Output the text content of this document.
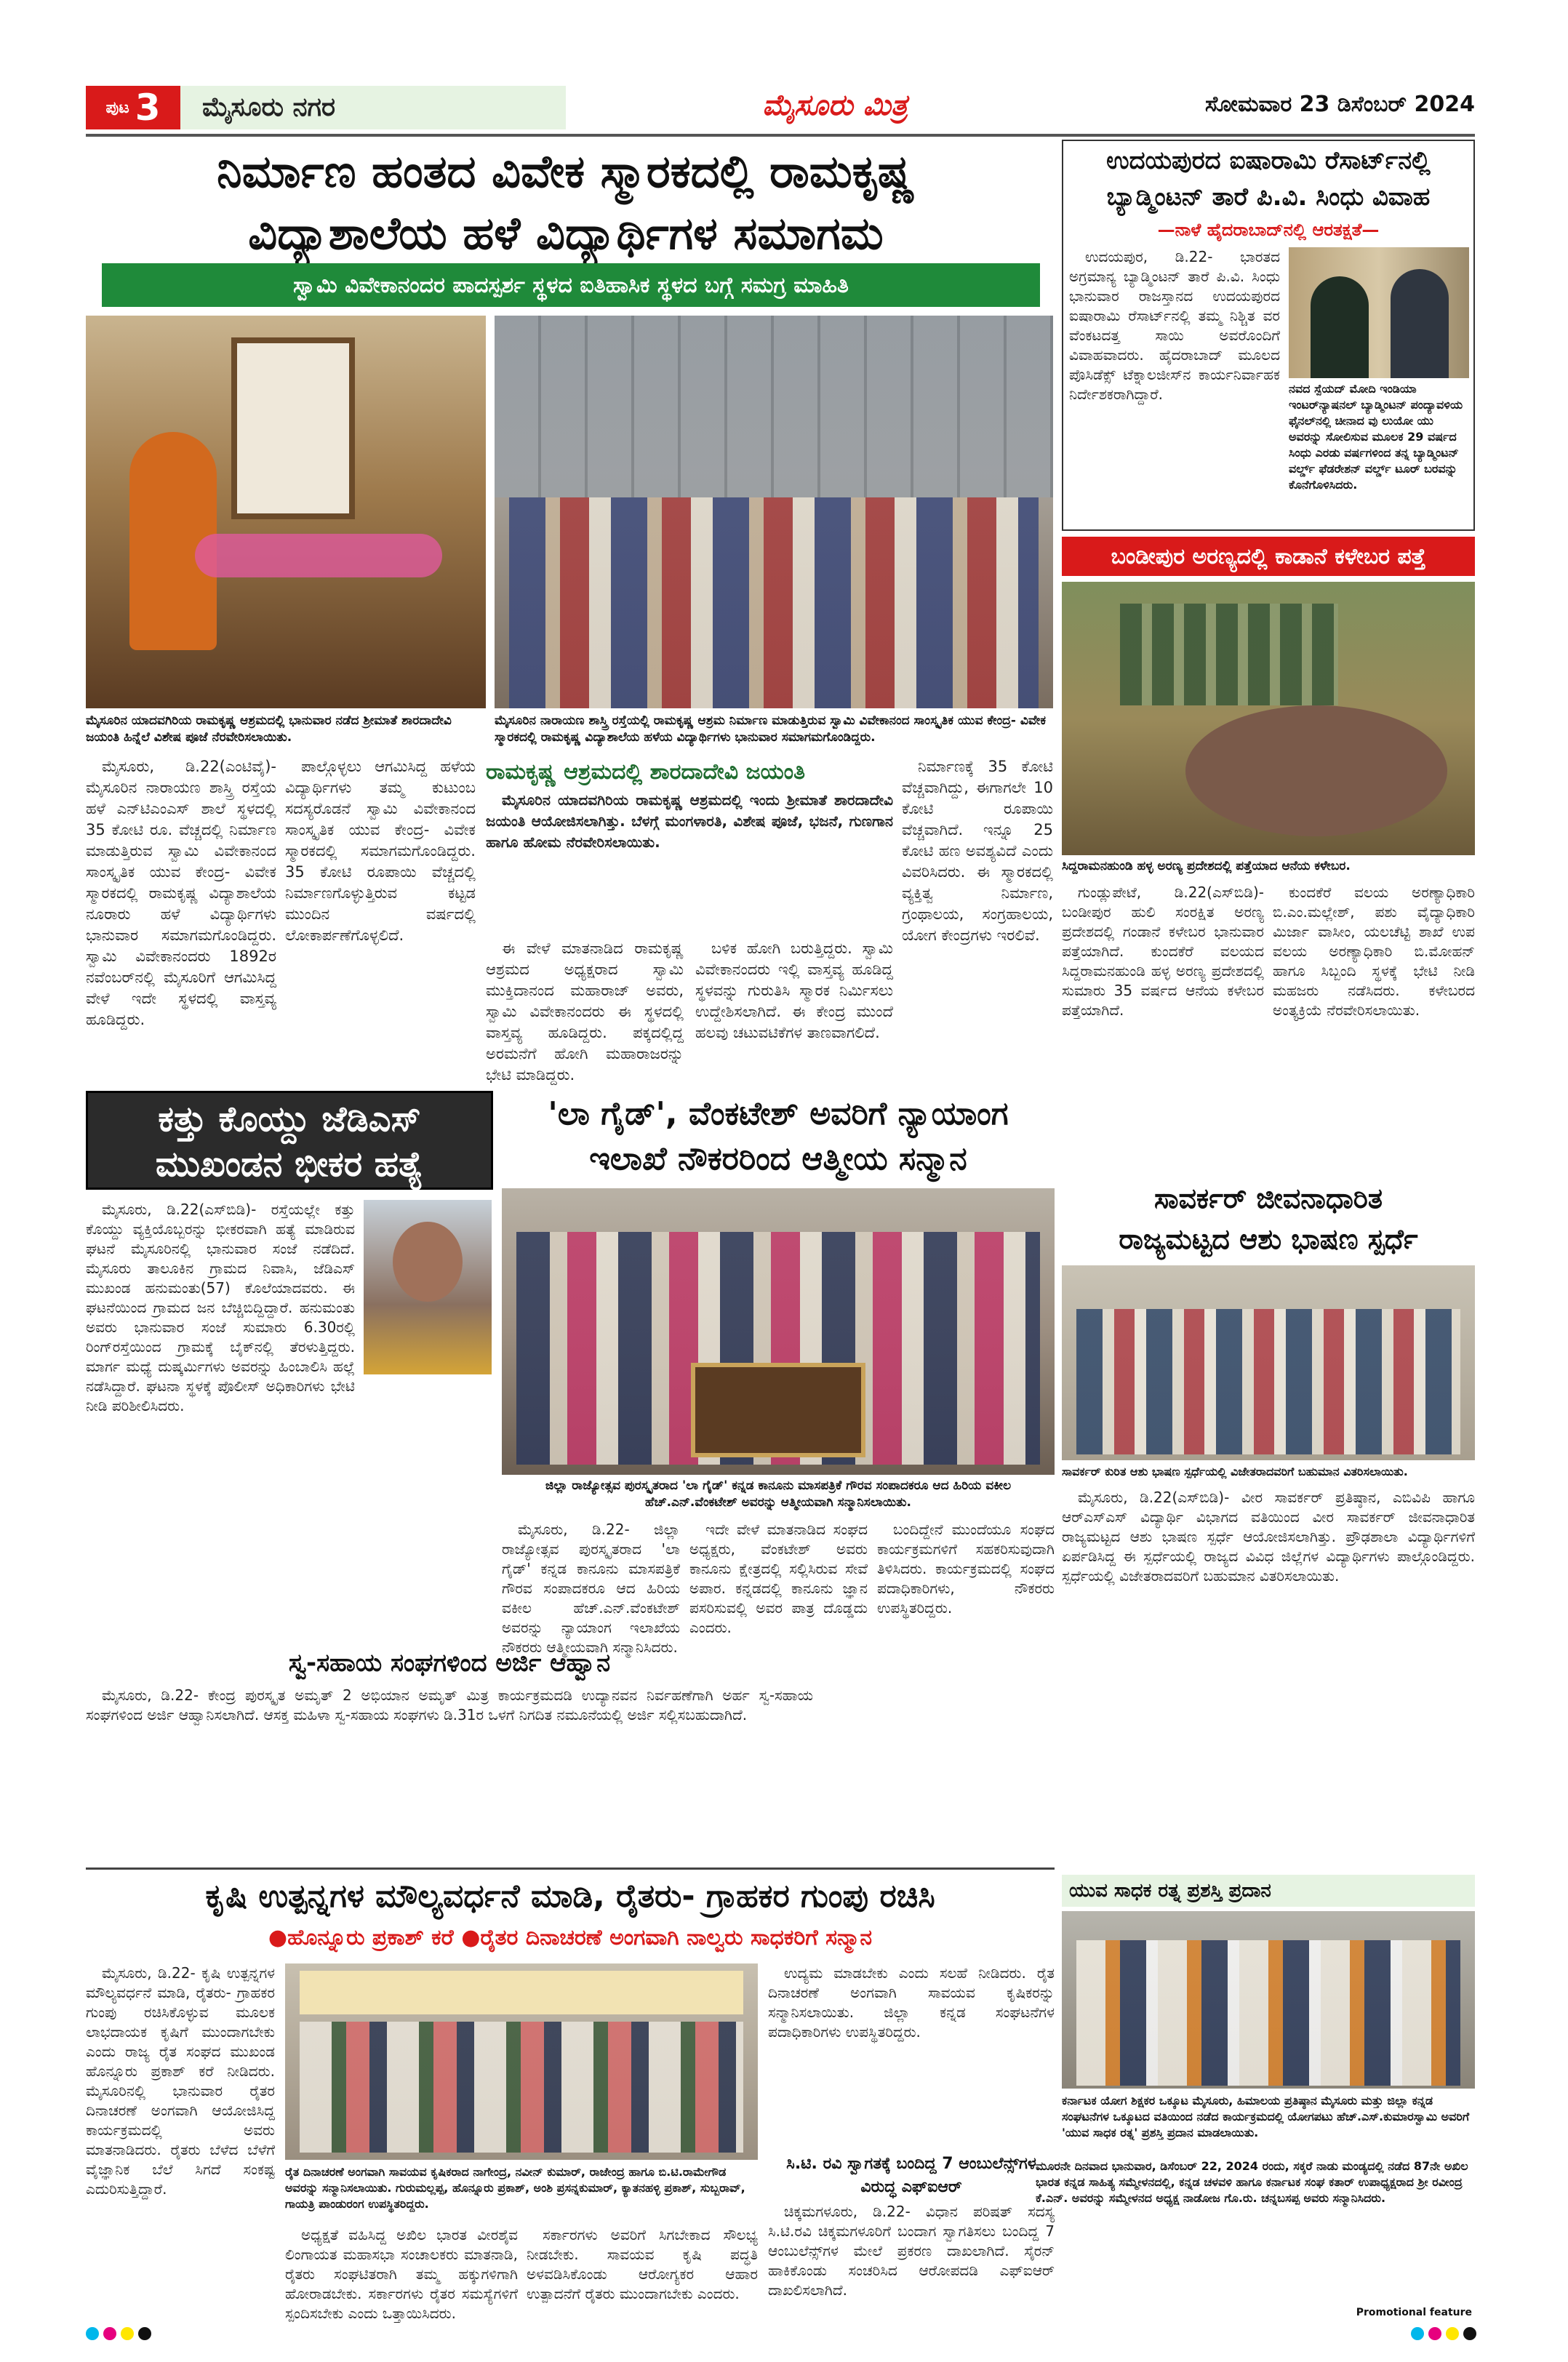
ಪುಟ 3	ಮೈಸೂರು ನಗರ	ಮೈಸೂರು ಮಿತ್ರ	ಸೋಮವಾರ 23 ಡಿಸೆಂಬರ್ 2024
ನಿರ್ಮಾಣ ಹಂತದ ವಿವೇಕ ಸ್ಮಾರಕದಲ್ಲಿ ರಾಮಕೃಷ್ಣ
ವಿದ್ಯಾಶಾಲೆಯ ಹಳೆ ವಿದ್ಯಾರ್ಥಿಗಳ ಸಮಾಗಮ
ಸ್ವಾಮಿ ವಿವೇಕಾನಂದರ ಪಾದಸ್ಪರ್ಶ ಸ್ಥಳದ ಐತಿಹಾಸಿಕ ಸ್ಥಳದ ಬಗ್ಗೆ ಸಮಗ್ರ ಮಾಹಿತಿ
ಮೈಸೂರಿನ ಯಾದವಗಿರಿಯ ರಾಮಕೃಷ್ಣ ಆಶ್ರಮದಲ್ಲಿ ಭಾನುವಾರ ನಡೆದ ಶ್ರೀಮಾತೆ ಶಾರದಾದೇವಿ ಜಯಂತಿ ಹಿನ್ನೆಲೆ ವಿಶೇಷ ಪೂಜೆ ನೆರವೇರಿಸಲಾಯಿತು.
ಮೈಸೂರಿನ ನಾರಾಯಣ ಶಾಸ್ತ್ರಿ ರಸ್ತೆಯಲ್ಲಿ ರಾಮಕೃಷ್ಣ ಆಶ್ರಮ ನಿರ್ಮಾಣ ಮಾಡುತ್ತಿರುವ ಸ್ವಾಮಿ ವಿವೇಕಾನಂದ ಸಾಂಸ್ಕೃತಿಕ ಯುವ ಕೇಂದ್ರ- ವಿವೇಕ ಸ್ಮಾರಕದಲ್ಲಿ ರಾಮಕೃಷ್ಣ ವಿದ್ಯಾಶಾಲೆಯ ಹಳೆಯ ವಿದ್ಯಾರ್ಥಿಗಳು ಭಾನುವಾರ ಸಮಾಗಮಗೊಂಡಿದ್ದರು.

ಮೈಸೂರು, ಡಿ.22(ಎಂಟಿವೈ)- ಮೈಸೂರಿನ ನಾರಾಯಣ ಶಾಸ್ತ್ರಿ ರಸ್ತೆಯ ಹಳೆ ಎನ್‌ಟಿಎಂಎಸ್ ಶಾಲೆ ಸ್ಥಳದಲ್ಲಿ 35 ಕೋಟಿ ರೂ. ವೆಚ್ಚದಲ್ಲಿ ನಿರ್ಮಾಣ ಮಾಡುತ್ತಿರುವ ಸ್ವಾಮಿ ವಿವೇಕಾನಂದ ಸಾಂಸ್ಕೃತಿಕ ಯುವ ಕೇಂದ್ರ- ವಿವೇಕ ಸ್ಮಾರಕದಲ್ಲಿ ರಾಮಕೃಷ್ಣ ವಿದ್ಯಾಶಾಲೆಯ ನೂರಾರು ಹಳೆ ವಿದ್ಯಾರ್ಥಿಗಳು ಭಾನುವಾರ ಸಮಾಗಮಗೊಂಡಿದ್ದರು. ಸ್ವಾಮಿ ವಿವೇಕಾನಂದರು 1892ರ ನವೆಂಬರ್‌ನಲ್ಲಿ ಮೈಸೂರಿಗೆ ಆಗಮಿಸಿದ್ದ ವೇಳೆ ಇದೇ ಸ್ಥಳದಲ್ಲಿ ವಾಸ್ತವ್ಯ ಹೂಡಿದ್ದರು.

ಪಾಲ್ಗೊಳ್ಳಲು ಆಗಮಿಸಿದ್ದ ಹಳೆಯ ವಿದ್ಯಾರ್ಥಿಗಳು ತಮ್ಮ ಕುಟುಂಬ ಸದಸ್ಯರೊಡನೆ ಸ್ವಾಮಿ ವಿವೇಕಾನಂದ ಸಾಂಸ್ಕೃತಿಕ ಯುವ ಕೇಂದ್ರ- ವಿವೇಕ ಸ್ಮಾರಕದಲ್ಲಿ ಸಮಾಗಮಗೊಂಡಿದ್ದರು. 35 ಕೋಟಿ ರೂಪಾಯಿ ವೆಚ್ಚದಲ್ಲಿ ನಿರ್ಮಾಣಗೊಳ್ಳುತ್ತಿರುವ ಕಟ್ಟಡ ಮುಂದಿನ ವರ್ಷದಲ್ಲಿ ಲೋಕಾರ್ಪಣೆಗೊಳ್ಳಲಿದೆ.

ರಾಮಕೃಷ್ಣ ಆಶ್ರಮದಲ್ಲಿ ಶಾರದಾದೇವಿ ಜಯಂತಿ

ಮೈಸೂರಿನ ಯಾದವಗಿರಿಯ ರಾಮಕೃಷ್ಣ ಆಶ್ರಮದಲ್ಲಿ ಇಂದು ಶ್ರೀಮಾತೆ ಶಾರದಾದೇವಿ ಜಯಂತಿ ಆಯೋಜಿಸಲಾಗಿತ್ತು. ಬೆಳಗ್ಗೆ ಮಂಗಳಾರತಿ, ವಿಶೇಷ ಪೂಜೆ, ಭಜನೆ, ಗುಣಗಾನ ಹಾಗೂ ಹೋಮ ನೆರವೇರಿಸಲಾಯಿತು.

ಈ ವೇಳೆ ಮಾತನಾಡಿದ ರಾಮಕೃಷ್ಣ ಆಶ್ರಮದ ಅಧ್ಯಕ್ಷರಾದ ಸ್ವಾಮಿ ಮುಕ್ತಿದಾನಂದ ಮಹಾರಾಜ್ ಅವರು, ಸ್ವಾಮಿ ವಿವೇಕಾನಂದರು ಈ ಸ್ಥಳದಲ್ಲಿ ವಾಸ್ತವ್ಯ ಹೂಡಿದ್ದರು. ಪಕ್ಕದಲ್ಲಿದ್ದ ಅರಮನೆಗೆ ಹೋಗಿ ಮಹಾರಾಜರನ್ನು ಭೇಟಿ ಮಾಡಿದ್ದರು.

ಬಳಿಕ ಹೋಗಿ ಬರುತ್ತಿದ್ದರು. ಸ್ವಾಮಿ ವಿವೇಕಾನಂದರು ಇಲ್ಲಿ ವಾಸ್ತವ್ಯ ಹೂಡಿದ್ದ ಸ್ಥಳವನ್ನು ಗುರುತಿಸಿ ಸ್ಮಾರಕ ನಿರ್ಮಿಸಲು ಉದ್ದೇಶಿಸಲಾಗಿದೆ. ಈ ಕೇಂದ್ರ ಮುಂದೆ ಹಲವು ಚಟುವಟಿಕೆಗಳ ತಾಣವಾಗಲಿದೆ.

ನಿರ್ಮಾಣಕ್ಕೆ 35 ಕೋಟಿ ವೆಚ್ಚವಾಗಿದ್ದು, ಈಗಾಗಲೇ 10 ಕೋಟಿ ರೂಪಾಯಿ ವೆಚ್ಚವಾಗಿದೆ. ಇನ್ನೂ 25 ಕೋಟಿ ಹಣ ಅವಶ್ಯವಿದೆ ಎಂದು ವಿವರಿಸಿದರು. ಈ ಸ್ಮಾರಕದಲ್ಲಿ ವ್ಯಕ್ತಿತ್ವ ನಿರ್ಮಾಣ, ಗ್ರಂಥಾಲಯ, ಸಂಗ್ರಹಾಲಯ, ಯೋಗ ಕೇಂದ್ರಗಳು ಇರಲಿವೆ.

ಉದಯಪುರದ ಐಷಾರಾಮಿ ರೆಸಾರ್ಟ್‌ನಲ್ಲಿ
ಬ್ಯಾಡ್ಮಿಂಟನ್ ತಾರೆ ಪಿ.ವಿ. ಸಿಂಧು ವಿವಾಹ
—ನಾಳೆ ಹೈದರಾಬಾದ್‌ನಲ್ಲಿ ಆರತಕ್ಷತೆ—

ಉದಯಪುರ, ಡಿ.22- ಭಾರತದ ಅಗ್ರಮಾನ್ಯ ಬ್ಯಾಡ್ಮಿಂಟನ್ ತಾರೆ ಪಿ.ವಿ. ಸಿಂಧು ಭಾನುವಾರ ರಾಜಸ್ತಾನದ ಉದಯಪುರದ ಐಷಾರಾಮಿ ರೆಸಾರ್ಟ್‌ನಲ್ಲಿ ತಮ್ಮ ನಿಶ್ಚಿತ ವರ ವೆಂಕಟದತ್ತ ಸಾಯಿ ಅವರೊಂದಿಗೆ ವಿವಾಹವಾದರು. ಹೈದರಾಬಾದ್ ಮೂಲದ ಪೊಸಿಡೆಕ್ಸ್ ಟೆಕ್ನಾಲಜೀಸ್‌ನ ಕಾರ್ಯನಿರ್ವಾಹಕ ನಿರ್ದೇಶಕರಾಗಿದ್ದಾರೆ.	ನವದ ಸ್ಪೆಯದ್ ಮೋದಿ ಇಂಡಿಯಾ ಇಂಟರ್‌ನ್ಯಾಷನಲ್ ಬ್ಯಾಡ್ಮಿಂಟನ್ ಪಂದ್ಯಾವಳಿಯ ಫೈನಲ್‌ನಲ್ಲಿ ಚೀನಾದ ವು ಲುಯೋ ಯು ಅವರನ್ನು ಸೋಲಿಸುವ ಮೂಲಕ 29 ವರ್ಷದ ಸಿಂಧು ಎರಡು ವರ್ಷಗಳಿಂದ ತನ್ನ ಬ್ಯಾಡ್ಮಿಂಟನ್ ವರ್ಲ್ಡ್ ಫೆಡರೇಶನ್ ವರ್ಲ್ಡ್ ಟೂರ್ ಬರವನ್ನು ಕೊನೆಗೊಳಿಸಿದರು.
ಬಂಡೀಪುರ ಅರಣ್ಯದಲ್ಲಿ ಕಾಡಾನೆ ಕಳೇಬರ ಪತ್ತೆ
ಸಿದ್ದರಾಮನಹುಂಡಿ ಹಳ್ಳ ಅರಣ್ಯ ಪ್ರದೇಶದಲ್ಲಿ ಪತ್ತೆಯಾದ ಆನೆಯ ಕಳೇಬರ.

ಗುಂಡ್ಲುಪೇಟೆ, ಡಿ.22(ಎಸ್‌ಬಿಡಿ)- ಬಂಡೀಪುರ ಹುಲಿ ಸಂರಕ್ಷಿತ ಅರಣ್ಯ ಪ್ರದೇಶದಲ್ಲಿ ಗಂಡಾನೆ ಕಳೇಬರ ಭಾನುವಾರ ಪತ್ತೆಯಾಗಿದೆ. ಕುಂದಕೆರೆ ವಲಯದ ಸಿದ್ದರಾಮನಹುಂಡಿ ಹಳ್ಳ ಅರಣ್ಯ ಪ್ರದೇಶದಲ್ಲಿ ಸುಮಾರು 35 ವರ್ಷದ ಆನೆಯ ಕಳೇಬರ ಪತ್ತೆಯಾಗಿದೆ.

ಕುಂದಕೆರೆ ವಲಯ ಅರಣ್ಯಾಧಿಕಾರಿ ಬಿ.ಎಂ.ಮಲ್ಲೇಶ್, ಪಶು ವೈದ್ಯಾಧಿಕಾರಿ ಮಿರ್ಜಾ ವಾಸೀಂ, ಯಲಚೆಟ್ಟಿ ಶಾಖೆ ಉಪ ವಲಯ ಅರಣ್ಯಾಧಿಕಾರಿ ಬಿ.ಮೋಹನ್ ಹಾಗೂ ಸಿಬ್ಬಂದಿ ಸ್ಥಳಕ್ಕೆ ಭೇಟಿ ನೀಡಿ ಮಹಜರು ನಡೆಸಿದರು. ಕಳೇಬರದ ಅಂತ್ಯಕ್ರಿಯೆ ನೆರವೇರಿಸಲಾಯಿತು.

ಕತ್ತು ಕೊಯ್ದು ಜೆಡಿಎಸ್
ಮುಖಂಡನ ಭೀಕರ ಹತ್ಯೆ

ಮೈಸೂರು, ಡಿ.22(ಎಸ್‌ಬಿಡಿ)- ರಸ್ತೆಯಲ್ಲೇ ಕತ್ತು ಕೊಯ್ದು ವ್ಯಕ್ತಿಯೊಬ್ಬರನ್ನು ಭೀಕರವಾಗಿ ಹತ್ಯೆ ಮಾಡಿರುವ ಘಟನೆ ಮೈಸೂರಿನಲ್ಲಿ ಭಾನುವಾರ ಸಂಜೆ ನಡೆದಿದೆ. ಮೈಸೂರು ತಾಲೂಕಿನ ಗ್ರಾಮದ ನಿವಾಸಿ, ಜೆಡಿಎಸ್ ಮುಖಂಡ ಹನುಮಂತು(57) ಕೊಲೆಯಾದವರು. ಈ ಘಟನೆಯಿಂದ ಗ್ರಾಮದ ಜನ ಬೆಚ್ಚಿಬಿದ್ದಿದ್ದಾರೆ. ಹನುಮಂತು ಅವರು ಭಾನುವಾರ ಸಂಜೆ ಸುಮಾರು 6.30ರಲ್ಲಿ ರಿಂಗ್‌ರಸ್ತೆಯಿಂದ ಗ್ರಾಮಕ್ಕೆ ಬೈಕ್‌ನಲ್ಲಿ ತೆರಳುತ್ತಿದ್ದರು. ಮಾರ್ಗ ಮಧ್ಯೆ ದುಷ್ಕರ್ಮಿಗಳು ಅವರನ್ನು ಹಿಂಬಾಲಿಸಿ ಹಲ್ಲೆ ನಡೆಸಿದ್ದಾರೆ. ಘಟನಾ ಸ್ಥಳಕ್ಕೆ ಪೊಲೀಸ್ ಅಧಿಕಾರಿಗಳು ಭೇಟಿ ನೀಡಿ ಪರಿಶೀಲಿಸಿದರು.

ಸ್ವ-ಸಹಾಯ ಸಂಘಗಳಿಂದ ಅರ್ಜಿ ಆಹ್ವಾನ

ಮೈಸೂರು, ಡಿ.22- ಕೇಂದ್ರ ಪುರಸ್ಕೃತ ಅಮೃತ್ 2 ಅಭಿಯಾನ ಅಮೃತ್ ಮಿತ್ರ ಕಾರ್ಯಕ್ರಮದಡಿ ಉದ್ಯಾನವನ ನಿರ್ವಹಣೆಗಾಗಿ ಅರ್ಹ ಸ್ವ-ಸಹಾಯ ಸಂಘಗಳಿಂದ ಅರ್ಜಿ ಆಹ್ವಾನಿಸಲಾಗಿದೆ. ಆಸಕ್ತ ಮಹಿಳಾ ಸ್ವ-ಸಹಾಯ ಸಂಘಗಳು ಡಿ.31ರ ಒಳಗೆ ನಿಗದಿತ ನಮೂನೆಯಲ್ಲಿ ಅರ್ಜಿ ಸಲ್ಲಿಸಬಹುದಾಗಿದೆ.

'ಲಾ ಗೈಡ್', ವೆಂಕಟೇಶ್ ಅವರಿಗೆ ನ್ಯಾಯಾಂಗ
ಇಲಾಖೆ ನೌಕರರಿಂದ ಆತ್ಮೀಯ ಸನ್ಮಾನ
ಜಿಲ್ಲಾ ರಾಜ್ಯೋತ್ಸವ ಪುರಸ್ಕೃತರಾದ 'ಲಾ ಗೈಡ್' ಕನ್ನಡ ಕಾನೂನು ಮಾಸಪತ್ರಿಕೆ ಗೌರವ ಸಂಪಾದಕರೂ ಆದ ಹಿರಿಯ ವಕೀಲ ಹೆಚ್.ಎನ್.ವೆಂಕಟೇಶ್ ಅವರನ್ನು ಆತ್ಮೀಯವಾಗಿ ಸನ್ಮಾನಿಸಲಾಯಿತು.

ಮೈಸೂರು, ಡಿ.22- ಜಿಲ್ಲಾ ರಾಜ್ಯೋತ್ಸವ ಪುರಸ್ಕೃತರಾದ 'ಲಾ ಗೈಡ್' ಕನ್ನಡ ಕಾನೂನು ಮಾಸಪತ್ರಿಕೆ ಗೌರವ ಸಂಪಾದಕರೂ ಆದ ಹಿರಿಯ ವಕೀಲ ಹೆಚ್.ಎನ್.ವೆಂಕಟೇಶ್ ಅವರನ್ನು ನ್ಯಾಯಾಂಗ ಇಲಾಖೆಯ ನೌಕರರು ಆತ್ಮೀಯವಾಗಿ ಸನ್ಮಾನಿಸಿದರು.

ಇದೇ ವೇಳೆ ಮಾತನಾಡಿದ ಸಂಘದ ಅಧ್ಯಕ್ಷರು, ವೆಂಕಟೇಶ್ ಅವರು ಕಾನೂನು ಕ್ಷೇತ್ರದಲ್ಲಿ ಸಲ್ಲಿಸಿರುವ ಸೇವೆ ಅಪಾರ. ಕನ್ನಡದಲ್ಲಿ ಕಾನೂನು ಜ್ಞಾನ ಪಸರಿಸುವಲ್ಲಿ ಅವರ ಪಾತ್ರ ದೊಡ್ಡದು ಎಂದರು.

ಬಂದಿದ್ದೇನೆ ಮುಂದೆಯೂ ಸಂಘದ ಕಾರ್ಯಕ್ರಮಗಳಿಗೆ ಸಹಕರಿಸುವುದಾಗಿ ತಿಳಿಸಿದರು. ಕಾರ್ಯಕ್ರಮದಲ್ಲಿ ಸಂಘದ ಪದಾಧಿಕಾರಿಗಳು, ನೌಕರರು ಉಪಸ್ಥಿತರಿದ್ದರು.

ಸಾವರ್ಕರ್ ಜೀವನಾಧಾರಿತ
ರಾಜ್ಯಮಟ್ಟದ ಆಶು ಭಾಷಣ ಸ್ಪರ್ಧೆ
ಸಾವರ್ಕರ್ ಕುರಿತ ಆಶು ಭಾಷಣ ಸ್ಪರ್ಧೆಯಲ್ಲಿ ವಿಜೇತರಾದವರಿಗೆ ಬಹುಮಾನ ವಿತರಿಸಲಾಯಿತು.

ಮೈಸೂರು, ಡಿ.22(ಎಸ್‌ಬಿಡಿ)- ವೀರ ಸಾವರ್ಕರ್ ಪ್ರತಿಷ್ಠಾನ, ಎಬಿವಿಪಿ ಹಾಗೂ ಆರ್‌ಎಸ್‌ಎಸ್ ವಿದ್ಯಾರ್ಥಿ ವಿಭಾಗದ ವತಿಯಿಂದ ವೀರ ಸಾವರ್ಕರ್ ಜೀವನಾಧಾರಿತ ರಾಜ್ಯಮಟ್ಟದ ಆಶು ಭಾಷಣ ಸ್ಪರ್ಧೆ ಆಯೋಜಿಸಲಾಗಿತ್ತು. ಪ್ರೌಢಶಾಲಾ ವಿದ್ಯಾರ್ಥಿಗಳಿಗೆ ಏರ್ಪಡಿಸಿದ್ದ ಈ ಸ್ಪರ್ಧೆಯಲ್ಲಿ ರಾಜ್ಯದ ವಿವಿಧ ಜಿಲ್ಲೆಗಳ ವಿದ್ಯಾರ್ಥಿಗಳು ಪಾಲ್ಗೊಂಡಿದ್ದರು. ಸ್ಪರ್ಧೆಯಲ್ಲಿ ವಿಜೇತರಾದವರಿಗೆ ಬಹುಮಾನ ವಿತರಿಸಲಾಯಿತು.

ಯುವ ಸಾಧಕ ರತ್ನ ಪ್ರಶಸ್ತಿ ಪ್ರದಾನ
ಕರ್ನಾಟಕ ಯೋಗ ಶಿಕ್ಷಕರ ಒಕ್ಕೂಟ ಮೈಸೂರು, ಹಿಮಾಲಯ ಪ್ರತಿಷ್ಠಾನ ಮೈಸೂರು ಮತ್ತು ಜಿಲ್ಲಾ ಕನ್ನಡ ಸಂಘಟನೆಗಳ ಒಕ್ಕೂಟದ ವತಿಯಿಂದ ನಡೆದ ಕಾರ್ಯಕ್ರಮದಲ್ಲಿ ಯೋಗಪಟು ಹೆಚ್.ಎಸ್.ಕುಮಾರಸ್ವಾಮಿ ಅವರಿಗೆ 'ಯುವ ಸಾಧಕ ರತ್ನ' ಪ್ರಶಸ್ತಿ ಪ್ರದಾನ ಮಾಡಲಾಯಿತು.
ಕೃಷಿ ಉತ್ಪನ್ನಗಳ ಮೌಲ್ಯವರ್ಧನೆ ಮಾಡಿ, ರೈತರು- ಗ್ರಾಹಕರ ಗುಂಪು ರಚಿಸಿ
●ಹೊನ್ನೂರು ಪ್ರಕಾಶ್ ಕರೆ ●ರೈತರ ದಿನಾಚರಣೆ ಅಂಗವಾಗಿ ನಾಲ್ವರು ಸಾಧಕರಿಗೆ ಸನ್ಮಾನ

ಮೈಸೂರು, ಡಿ.22- ಕೃಷಿ ಉತ್ಪನ್ನಗಳ ಮೌಲ್ಯವರ್ಧನೆ ಮಾಡಿ, ರೈತರು- ಗ್ರಾಹಕರ ಗುಂಪು ರಚಿಸಿಕೊಳ್ಳುವ ಮೂಲಕ ಲಾಭದಾಯಕ ಕೃಷಿಗೆ ಮುಂದಾಗಬೇಕು ಎಂದು ರಾಜ್ಯ ರೈತ ಸಂಘದ ಮುಖಂಡ ಹೊನ್ನೂರು ಪ್ರಕಾಶ್ ಕರೆ ನೀಡಿದರು. ಮೈಸೂರಿನಲ್ಲಿ ಭಾನುವಾರ ರೈತರ ದಿನಾಚರಣೆ ಅಂಗವಾಗಿ ಆಯೋಜಿಸಿದ್ದ ಕಾರ್ಯಕ್ರಮದಲ್ಲಿ ಅವರು ಮಾತನಾಡಿದರು. ರೈತರು ಬೆಳೆದ ಬೆಳೆಗೆ ವೈಜ್ಞಾನಿಕ ಬೆಲೆ ಸಿಗದೆ ಸಂಕಷ್ಟ ಎದುರಿಸುತ್ತಿದ್ದಾರೆ.

ರೈತ ದಿನಾಚರಣೆ ಅಂಗವಾಗಿ ಸಾವಯವ ಕೃಷಿಕರಾದ ನಾಗೇಂದ್ರ, ನವೀನ್ ಕುಮಾರ್, ರಾಜೇಂದ್ರ ಹಾಗೂ ಬಿ.ಟಿ.ರಾಮೇಗೌಡ ಅವರನ್ನು ಸನ್ಮಾನಿಸಲಾಯಿತು. ಗುರುಮಲ್ಲಪ್ಪ, ಹೊನ್ನೂರು ಪ್ರಕಾಶ್, ಅಂಶಿ ಪ್ರಸನ್ನಕುಮಾರ್, ಕ್ಯಾತನಹಳ್ಳಿ ಪ್ರಕಾಶ್, ಸುಬ್ಬರಾವ್, ಗಾಯತ್ರಿ ಪಾಂಡುರಂಗ ಉಪಸ್ಥಿತರಿದ್ದರು.

ಅಧ್ಯಕ್ಷತೆ ವಹಿಸಿದ್ದ ಅಖಿಲ ಭಾರತ ವೀರಶೈವ ಲಿಂಗಾಯತ ಮಹಾಸಭಾ ಸಂಚಾಲಕರು ಮಾತನಾಡಿ, ರೈತರು ಸಂಘಟಿತರಾಗಿ ತಮ್ಮ ಹಕ್ಕುಗಳಿಗಾಗಿ ಹೋರಾಡಬೇಕು. ಸರ್ಕಾರಗಳು ರೈತರ ಸಮಸ್ಯೆಗಳಿಗೆ ಸ್ಪಂದಿಸಬೇಕು ಎಂದು ಒತ್ತಾಯಿಸಿದರು.

ಸರ್ಕಾರಗಳು ಅವರಿಗೆ ಸಿಗಬೇಕಾದ ಸೌಲಭ್ಯ ನೀಡಬೇಕು. ಸಾವಯವ ಕೃಷಿ ಪದ್ಧತಿ ಅಳವಡಿಸಿಕೊಂಡು ಆರೋಗ್ಯಕರ ಆಹಾರ ಉತ್ಪಾದನೆಗೆ ರೈತರು ಮುಂದಾಗಬೇಕು ಎಂದರು.

ಉದ್ಯಮ ಮಾಡಬೇಕು ಎಂದು ಸಲಹೆ ನೀಡಿದರು. ರೈತ ದಿನಾಚರಣೆ ಅಂಗವಾಗಿ ಸಾವಯವ ಕೃಷಿಕರನ್ನು ಸನ್ಮಾನಿಸಲಾಯಿತು. ಜಿಲ್ಲಾ ಕನ್ನಡ ಸಂಘಟನೆಗಳ ಪದಾಧಿಕಾರಿಗಳು ಉಪಸ್ಥಿತರಿದ್ದರು.

ಸಿ.ಟಿ. ರವಿ ಸ್ವಾಗತಕ್ಕೆ ಬಂದಿದ್ದ 7 ಆಂಬುಲೆನ್ಸ್‌ಗಳ ವಿರುದ್ಧ ಎಫ್‌ಐಆರ್

ಚಿಕ್ಕಮಗಳೂರು, ಡಿ.22- ವಿಧಾನ ಪರಿಷತ್ ಸದಸ್ಯ ಸಿ.ಟಿ.ರವಿ ಚಿಕ್ಕಮಗಳೂರಿಗೆ ಬಂದಾಗ ಸ್ವಾಗತಿಸಲು ಬಂದಿದ್ದ 7 ಆಂಬುಲೆನ್ಸ್‌ಗಳ ಮೇಲೆ ಪ್ರಕರಣ ದಾಖಲಾಗಿದೆ. ಸೈರನ್ ಹಾಕಿಕೊಂಡು ಸಂಚರಿಸಿದ ಆರೋಪದಡಿ ಎಫ್‌ಐಆರ್ ದಾಖಲಿಸಲಾಗಿದೆ.

ಮೂರನೇ ದಿನವಾದ ಭಾನುವಾರ, ಡಿಸೆಂಬರ್ 22, 2024 ರಂದು, ಸಕ್ಕರೆ ನಾಡು ಮಂಡ್ಯದಲ್ಲಿ ನಡೆದ 87ನೇ ಅಖಿಲ ಭಾರತ ಕನ್ನಡ ಸಾಹಿತ್ಯ ಸಮ್ಮೇಳನದಲ್ಲಿ, ಕನ್ನಡ ಚಳವಳಿ ಹಾಗೂ ಕರ್ನಾಟಕ ಸಂಘ ಕತಾರ್ ಉಪಾಧ್ಯಕ್ಷರಾದ ಶ್ರೀ ರವೀಂದ್ರ ಕೆ.ಎನ್. ಅವರನ್ನು ಸಮ್ಮೇಳನದ ಅಧ್ಯಕ್ಷ ನಾಡೋಜ ಗೊ.ರು. ಚನ್ನಬಸಪ್ಪ ಅವರು ಸನ್ಮಾನಿಸಿದರು.
Promotional feature
